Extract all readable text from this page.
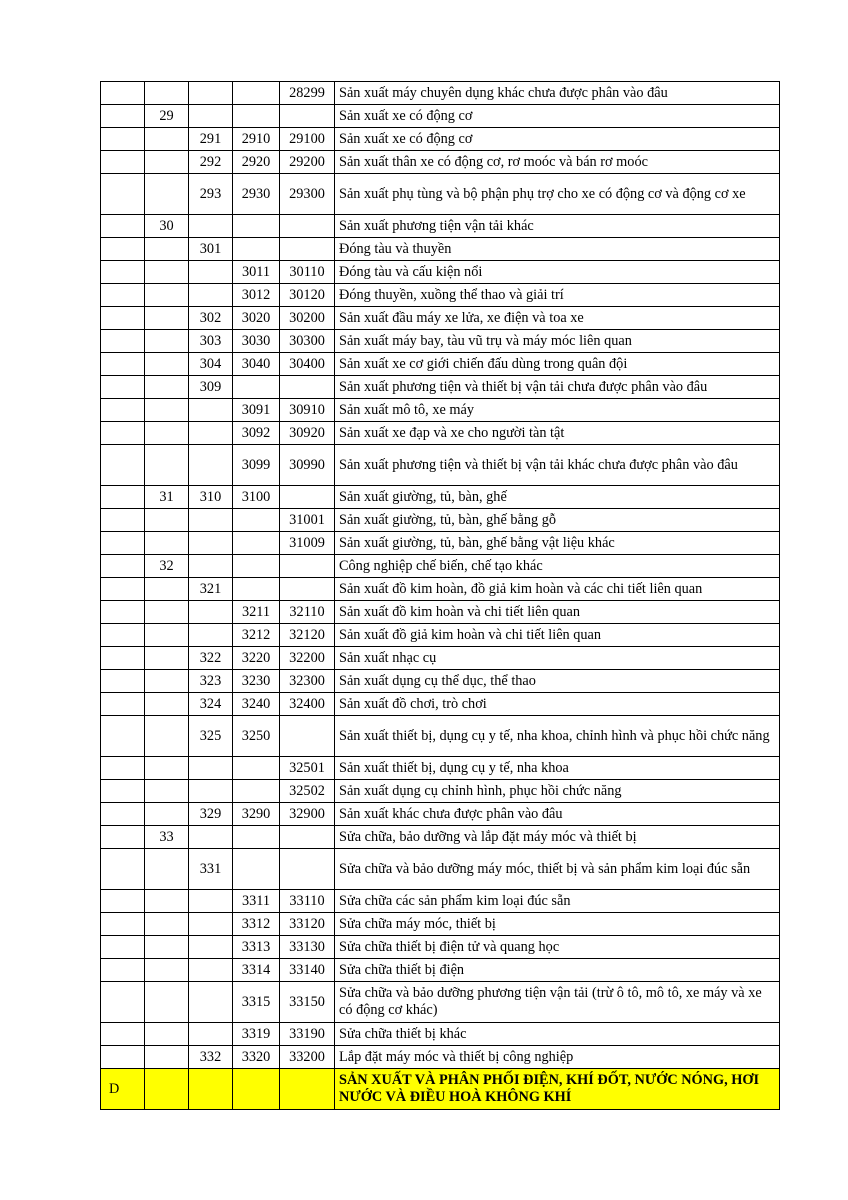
				28299	Sản xuất máy chuyên dụng khác chưa được phân vào đâu
	29				Sản xuất xe có động cơ
		291	2910	29100	Sản xuất xe có động cơ
		292	2920	29200	Sản xuất thân xe có động cơ, rơ moóc và bán rơ moóc
		293	2930	29300	Sản xuất phụ tùng và bộ phận phụ trợ cho xe có động cơ và động cơ xe
	30				Sản xuất phương tiện vận tải khác
		301			Đóng tàu và thuyền
			3011	30110	Đóng tàu và cấu kiện nổi
			3012	30120	Đóng thuyền, xuồng thể thao và giải trí
		302	3020	30200	Sản xuất đầu máy xe lửa, xe điện và toa xe
		303	3030	30300	Sản xuất máy bay, tàu vũ trụ và máy móc liên quan
		304	3040	30400	Sản xuất xe cơ giới chiến đấu dùng trong quân đội
		309			Sản xuất phương tiện và thiết bị vận tải chưa được phân vào đâu
			3091	30910	Sản xuất mô tô, xe máy
			3092	30920	Sản xuất xe đạp và xe cho người tàn tật
			3099	30990	Sản xuất phương tiện và thiết bị vận tải khác chưa được phân vào đâu
	31	310	3100		Sản xuất giường, tủ, bàn, ghế
				31001	Sản xuất giường, tủ, bàn, ghế bằng gỗ
				31009	Sản xuất giường, tủ, bàn, ghế bằng vật liệu khác
	32				Công nghiệp chế biến, chế tạo khác
		321			Sản xuất đồ kim hoàn, đồ giả kim hoàn và các chi tiết liên quan
			3211	32110	Sản xuất đồ kim hoàn và chi tiết liên quan
			3212	32120	Sản xuất đồ giả kim hoàn và chi tiết liên quan
		322	3220	32200	Sản xuất nhạc cụ
		323	3230	32300	Sản xuất dụng cụ thể dục, thể thao
		324	3240	32400	Sản xuất đồ chơi, trò chơi
		325	3250		Sản xuất thiết bị, dụng cụ y tế, nha khoa, chỉnh hình và phục hồi chức năng
				32501	Sản xuất thiết bị, dụng cụ y tế, nha khoa
				32502	Sản xuất dụng cụ chỉnh hình, phục hồi chức năng
		329	3290	32900	Sản xuất khác chưa được phân vào đâu
	33				Sửa chữa, bảo dưỡng và lắp đặt máy móc và thiết bị
		331			Sửa chữa và bảo dưỡng máy móc, thiết bị và sản phẩm kim loại đúc sẵn
			3311	33110	Sửa chữa các sản phẩm kim loại đúc sẵn
			3312	33120	Sửa chữa máy móc, thiết bị
			3313	33130	Sửa chữa thiết bị điện tử và quang học
			3314	33140	Sửa chữa thiết bị điện
			3315	33150	Sửa chữa và bảo dưỡng phương tiện vận tải (trừ ô tô, mô tô, xe máy và xe có động cơ khác)
			3319	33190	Sửa chữa thiết bị khác
		332	3320	33200	Lắp đặt máy móc và thiết bị công nghiệp
D					SẢN XUẤT VÀ PHÂN PHỐI ĐIỆN, KHÍ ĐỐT, NƯỚC NÓNG, HƠI NƯỚC VÀ ĐIỀU HOÀ KHÔNG KHÍ
